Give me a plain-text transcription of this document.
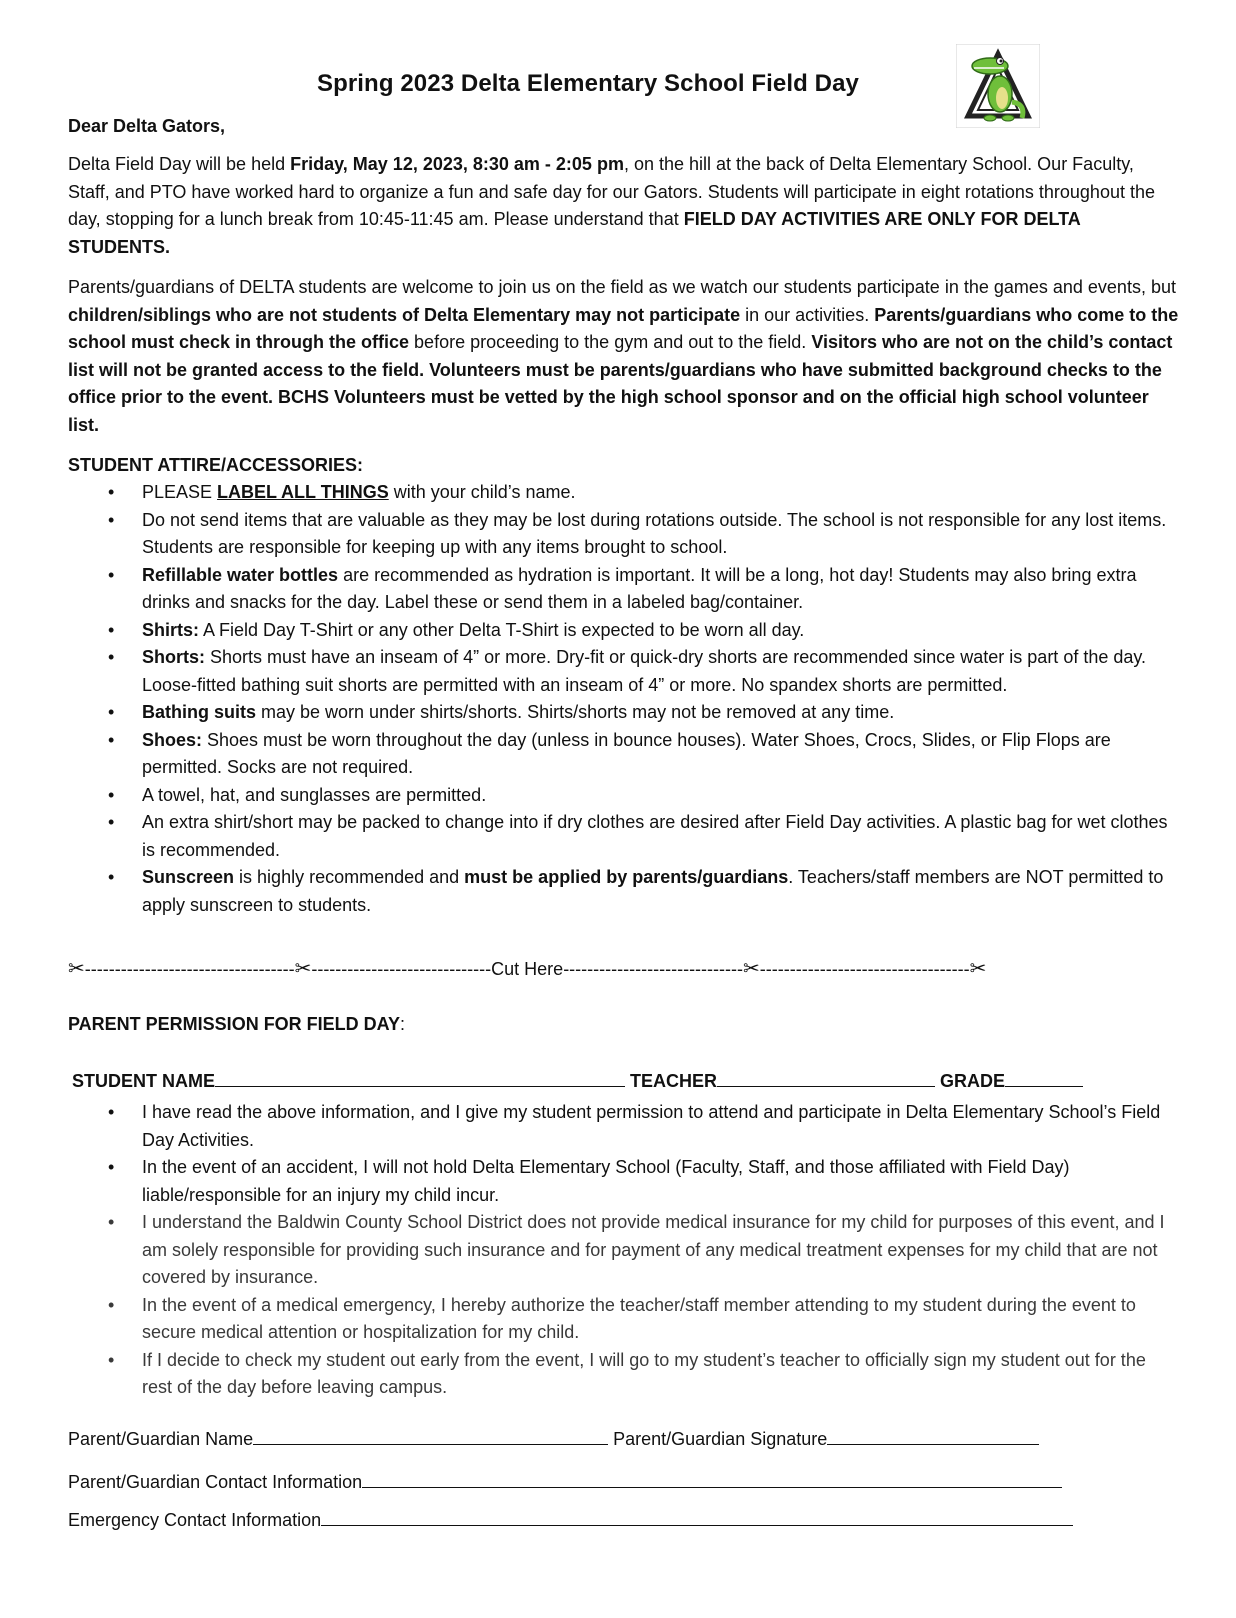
Spring 2023 Delta Elementary School Field Day
Dear Delta Gators,
Delta Field Day will be held Friday, May 12, 2023, 8:30 am - 2:05 pm, on the hill at the back of Delta Elementary School. Our Faculty, Staff, and PTO have worked hard to organize a fun and safe day for our Gators. Students will participate in eight rotations throughout the day, stopping for a lunch break from 10:45-11:45 am. Please understand that FIELD DAY ACTIVITIES ARE ONLY FOR DELTA STUDENTS.
Parents/guardians of DELTA students are welcome to join us on the field as we watch our students participate in the games and events, but children/siblings who are not students of Delta Elementary may not participate in our activities. Parents/guardians who come to the school must check in through the office before proceeding to the gym and out to the field. Visitors who are not on the child’s contact list will not be granted access to the field. Volunteers must be parents/guardians who have submitted background checks to the office prior to the event. BCHS Volunteers must be vetted by the high school sponsor and on the official high school volunteer list.
STUDENT ATTIRE/ACCESSORIES:
• PLEASE LABEL ALL THINGS with your child’s name.
• Do not send items that are valuable as they may be lost during rotations outside. The school is not responsible for any lost items. Students are responsible for keeping up with any items brought to school.
• Refillable water bottles are recommended as hydration is important. It will be a long, hot day! Students may also bring extra drinks and snacks for the day. Label these or send them in a labeled bag/container.
• Shirts: A Field Day T-Shirt or any other Delta T-Shirt is expected to be worn all day.
• Shorts: Shorts must have an inseam of 4” or more. Dry-fit or quick-dry shorts are recommended since water is part of the day. Loose-fitted bathing suit shorts are permitted with an inseam of 4” or more. No spandex shorts are permitted.
• Bathing suits may be worn under shirts/shorts. Shirts/shorts may not be removed at any time.
• Shoes: Shoes must be worn throughout the day (unless in bounce houses). Water Shoes, Crocs, Slides, or Flip Flops are permitted. Socks are not required.
• A towel, hat, and sunglasses are permitted.
• An extra shirt/short may be packed to change into if dry clothes are desired after Field Day activities. A plastic bag for wet clothes is recommended.
• Sunscreen is highly recommended and must be applied by parents/guardians. Teachers/staff members are NOT permitted to apply sunscreen to students.
✂-----------------------------------✂------------------------------Cut Here------------------------------✂-----------------------------------✂
PARENT PERMISSION FOR FIELD DAY:
STUDENT NAME	TEACHER	GRADE
• I have read the above information, and I give my student permission to attend and participate in Delta Elementary School’s Field Day Activities.
• In the event of an accident, I will not hold Delta Elementary School (Faculty, Staff, and those affiliated with Field Day) liable/responsible for an injury my child incur.
• I understand the Baldwin County School District does not provide medical insurance for my child for purposes of this event, and I am solely responsible for providing such insurance and for payment of any medical treatment expenses for my child that are not covered by insurance.
• In the event of a medical emergency, I hereby authorize the teacher/staff member attending to my student during the event to secure medical attention or hospitalization for my child.
• If I decide to check my student out early from the event, I will go to my student’s teacher to officially sign my student out for the rest of the day before leaving campus.
Parent/Guardian Name	Parent/Guardian Signature
Parent/Guardian Contact Information
Emergency Contact Information
